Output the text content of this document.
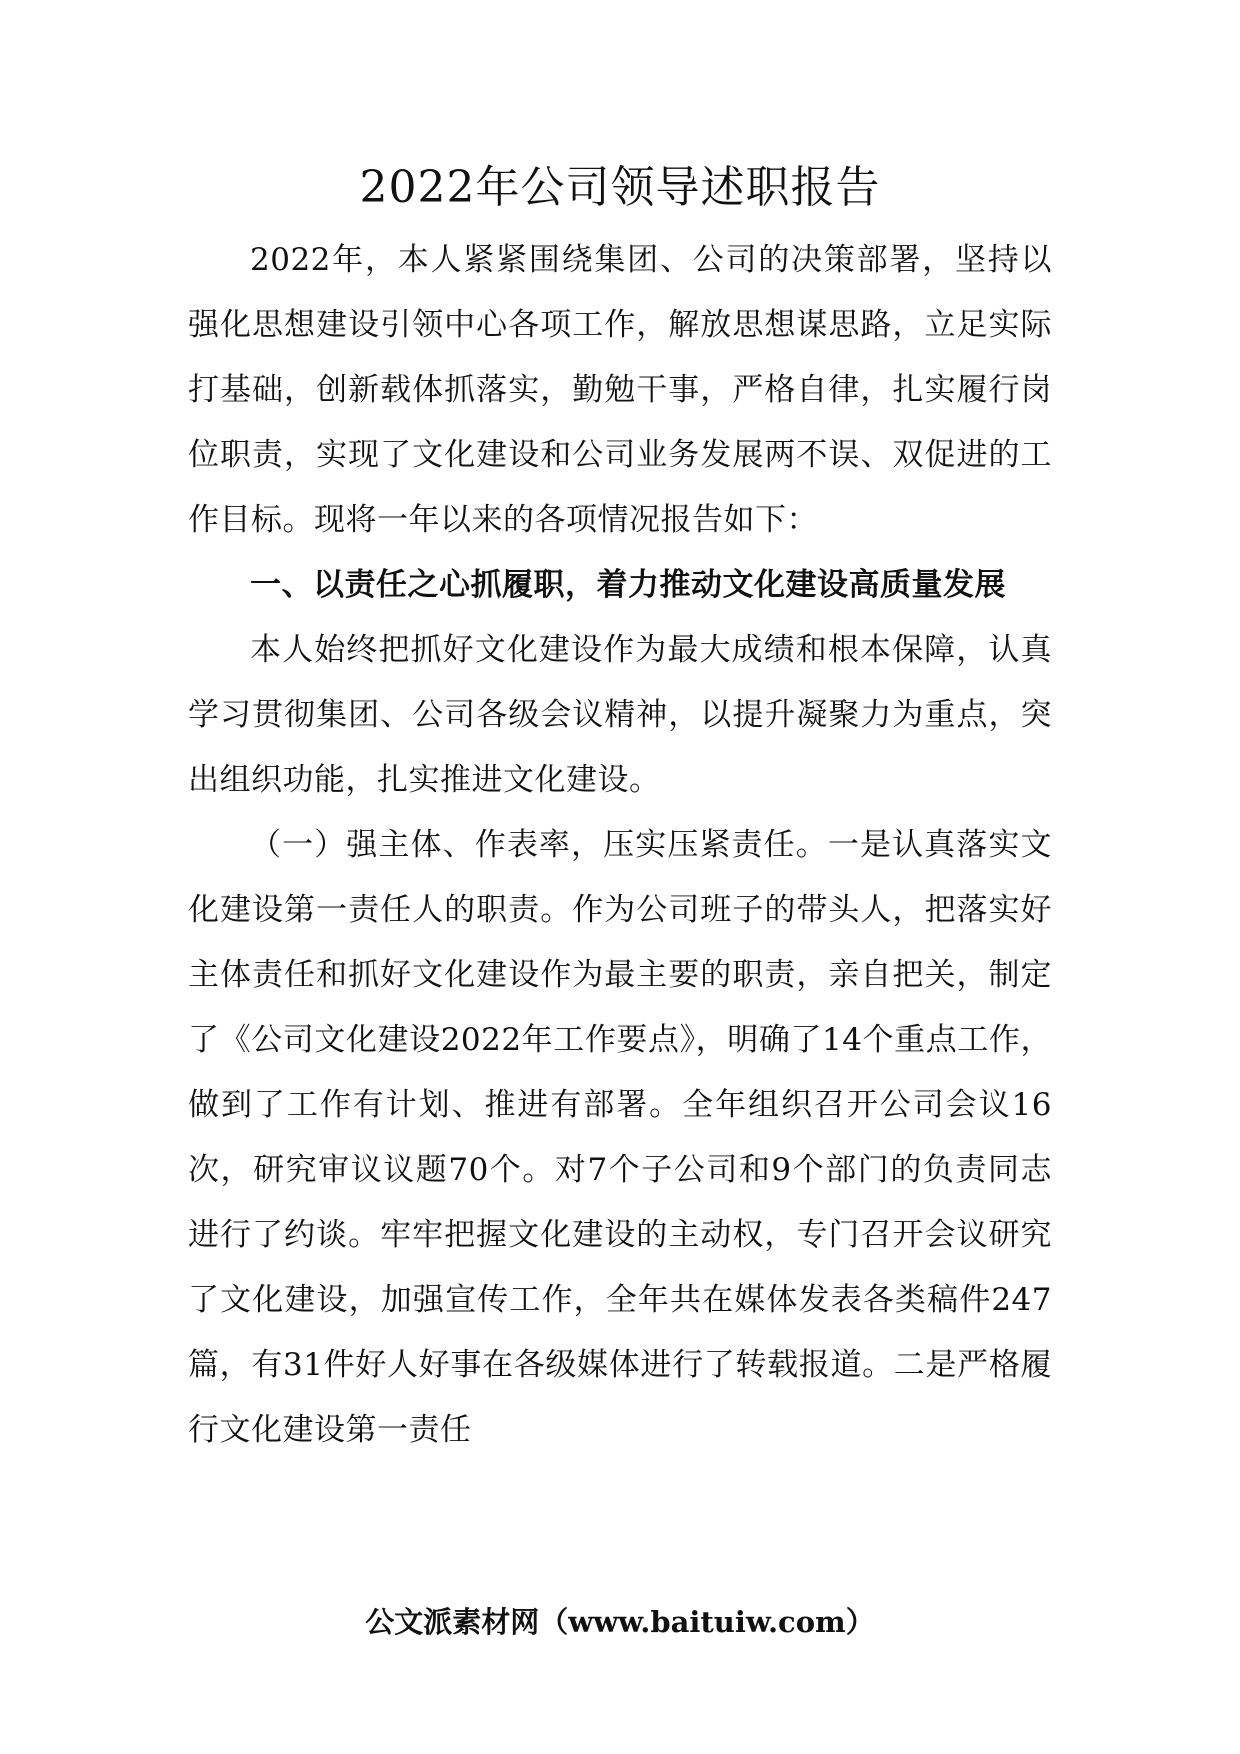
2022年公司领导述职报告

2022年，本人紧紧围绕集团、公司的决策部署，坚持以强化思想建设引领中心各项工作，解放思想谋思路，立足实际打基础，创新载体抓落实，勤勉干事，严格自律，扎实履行岗位职责，实现了文化建设和公司业务发展两不误、双促进的工作目标。现将一年以来的各项情况报告如下：

一、以责任之心抓履职，着力推动文化建设高质量发展

本人始终把抓好文化建设作为最大成绩和根本保障，认真学习贯彻集团、公司各级会议精神，以提升凝聚力为重点，突出组织功能，扎实推进文化建设。

（一）强主体、作表率，压实压紧责任。一是认真落实文化建设第一责任人的职责。作为公司班子的带头人，把落实好主体责任和抓好文化建设作为最主要的职责，亲自把关，制定了《公司文化建设2022年工作要点》，明确了14个重点工作，做到了工作有计划、推进有部署。全年组织召开公司会议16次，研究审议议题70个。对7个子公司和9个部门的负责同志进行了约谈。牢牢把握文化建设的主动权，专门召开会议研究了文化建设，加强宣传工作，全年共在媒体发表各类稿件247篇，有31件好人好事在各级媒体进行了转载报道。二是严格履行文化建设第一责任

公文派素材网（www.baituiw.com）
